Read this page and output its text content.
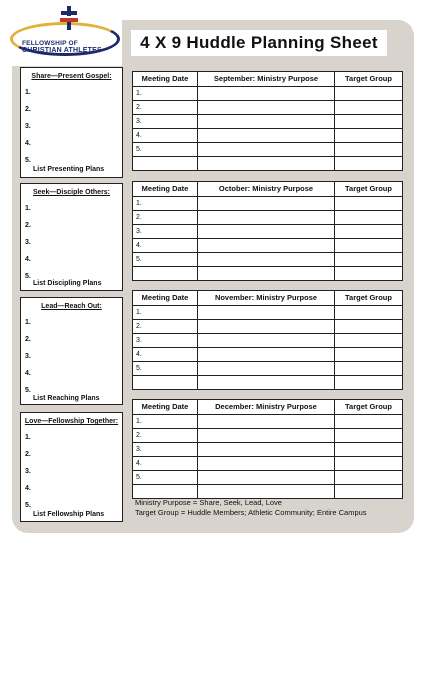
FELLOWSHIP OF
CHRISTIAN ATHLETES	4 X 9 Huddle Planning Sheet
Share—Present Gospel:
1.
2.
3.
4.
5.
List Presenting Plans
Seek—Disciple Others:
1.
2.
3.
4.
5.
List Discipling Plans
Lead—Reach Out:
1.
2.
3.
4.
5.
List Reaching Plans
Love—Fellowship Together:
1.
2.
3.
4.
5.
List Fellowship Plans
Meeting Date	September: Ministry Purpose	Target Group
1.
2.
3.
4.
5.
Meeting Date	October: Ministry Purpose	Target Group
1.
2.
3.
4.
5.
Meeting Date	November: Ministry Purpose	Target Group
1.
2.
3.
4.
5.
Meeting Date	December: Ministry Purpose	Target Group
1.
2.
3.
4.
5.
Ministry Purpose = Share, Seek, Lead, Love
Target Group = Huddle Members; Athletic Community; Entire Campus
